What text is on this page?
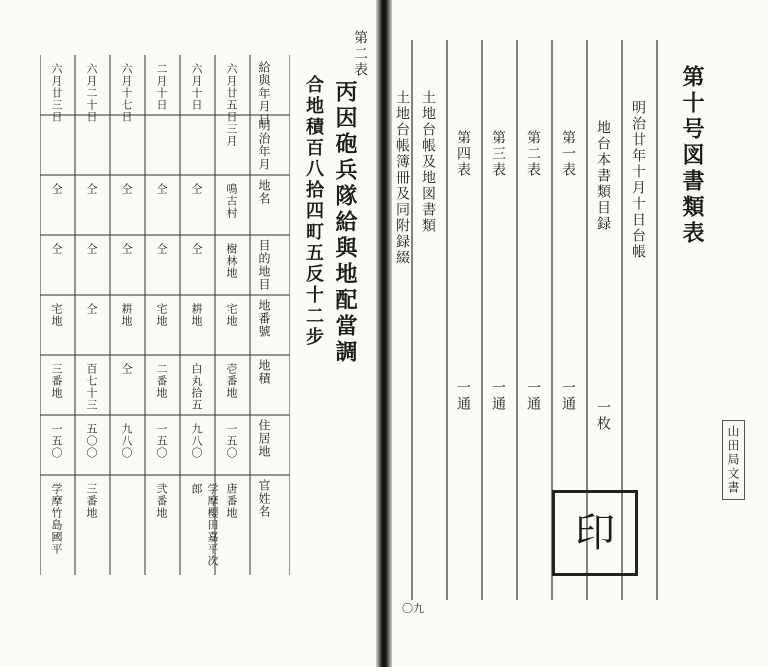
給與年月日
明治年月
地名
目的地目
地番號
地積
住居地
官姓名
六月廿五日
三月
鳴古村
樹林地
宅地
壱番地
一五〇
唐番地
六月十日
仝
仝
耕地
白丸拾五
九八〇
学摩櫻田嘉平次郎
二月十日
仝
仝
宅地
二番地
一五〇
弐番地
六月十七日
仝
仝
耕地
仝
九八〇
六月二十日
仝
仝
仝
百七十三
五〇〇
三番地
六月廿三日
仝
仝
宅地
三番地
一五〇
学摩竹島國平
丙因砲兵隊給與地配當調
合地積百八拾四町五反十二步
第二表
第十号図書類表
明治廿年十月十日台帳
地台本書類目録
第一表
第二表
第三表
第四表
土地台帳及地図書類
土地台帳簿冊及同附録綴
一枚
一通
一通
一通
一通
印
山田局文書
〇九
